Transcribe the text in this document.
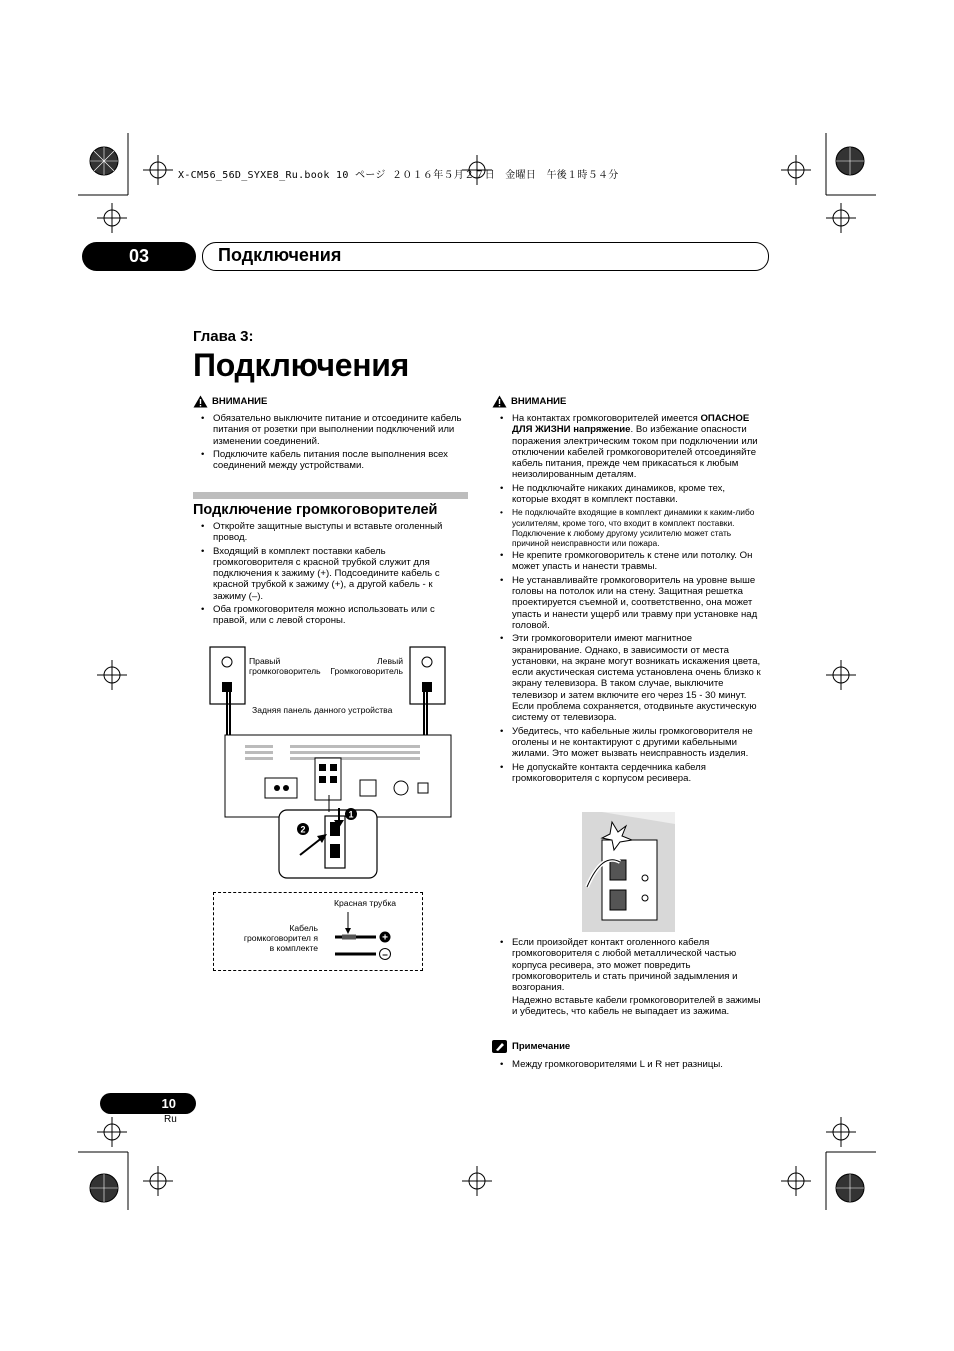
X-CM56_56D_SYXE8_Ru.book 10 ページ ２０１６年５月２７日　金曜日　午後１時５４分
03	Подключения
Глава 3:
Подключения
ВНИМАНИЕ
• Обязательно выключите питание и отсоедините кабель питания от розетки при выполнении подключений или изменении соединений.
• Подключите кабель питания после выполнения всех соединений между устройствами.
Подключение громкоговорителей
• Откройте защитные выступы и вставьте оголенный провод.
• Входящий в комплект поставки кабель громкоговорителя с красной трубкой служит для подключения к зажиму (+). Подсоедините кабель с красной трубкой к зажиму (+), а другой кабель - к зажиму (–).
• Оба громкоговорителя можно использовать или с правой, или с левой стороны.
1
2
Правый громкоговоритель
Левый Громкоговоритель
Задняя панель данного устройства
Красная трубка
Кабель громкоговорител я в комплекте
+
–
ВНИМАНИЕ
• На контактах громкоговорителей имеется ОПАСНОЕ ДЛЯ ЖИЗНИ напряжение. Во избежание опасности поражения электрическим током при подключении или отключении кабелей громкоговорителей отсоединяйте кабель питания, прежде чем прикасаться к любым неизолированным деталям.
• Не подключайте никаких динамиков, кроме тех, которые входят в комплект поставки.
• Не подключайте входящие в комплект динамики к каким-либо усилителям, кроме того, что входит в комплект поставки. Подключение к любому другому усилителю может стать причиной неисправности или пожара.
• Не крепите громкоговоритель к стене или потолку. Он может упасть и нанести травмы.
• Не устанавливайте громкоговоритель на уровне выше головы на потолок или на стену. Защитная решетка проектируется съемной и, соответственно, она может упасть и нанести ущерб или травму при установке над головой.
• Эти громкоговорители имеют магнитное экранирование. Однако, в зависимости от места установки, на экране могут возникать искажения цвета, если акустическая система установлена очень близко к экрану телевизора. В таком случае, выключите телевизор и затем включите его через 15 - 30 минут. Если проблема сохраняется, отодвиньте акустическую систему от телевизора.
• Убедитесь, что кабельные жилы громкоговорителя не оголены и не контактируют с другими кабельными жилами. Это может вызвать неисправность изделия.
• Не допускайте контакта сердечника кабеля громкоговорителя с корпусом ресивера.
• Если произойдет контакт оголенного кабеля громкоговорителя с любой металлической частью корпуса ресивера, это может повредить громкоговоритель и стать причиной задымления и возгорания.
Надежно вставьте кабели громкоговорителей в зажимы и убедитесь, что кабель не выпадает из зажима.
Примечание
• Между громкоговорителями L и R нет разницы.
10
Ru
